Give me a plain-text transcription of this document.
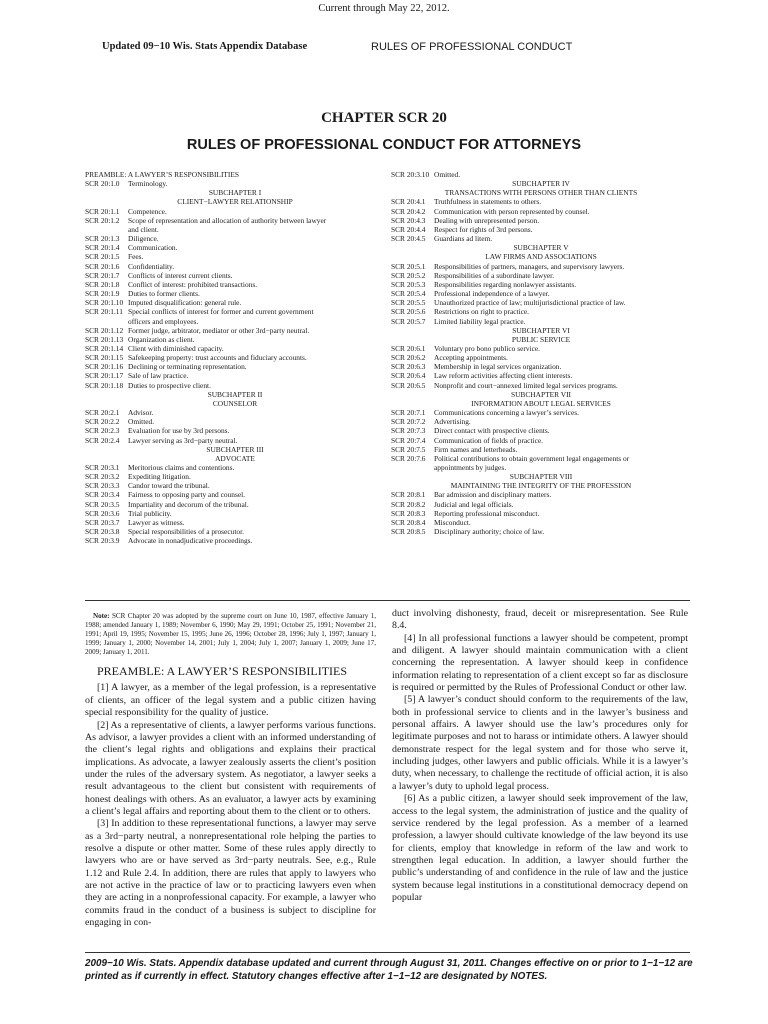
Current through May 22, 2012.
Updated 09−10 Wis. Stats Appendix Database	RULES OF PROFESSIONAL CONDUCT
CHAPTER SCR 20
RULES OF PROFESSIONAL CONDUCT FOR ATTORNEYS
PREAMBLE: A LAWYER’S RESPONSIBILITIES
SCR 20:1.0	Terminology.
SUBCHAPTER I
CLIENT−LAWYER RELATIONSHIP
SCR 20:1.1	Competence.
SCR 20:1.2	Scope of representation and allocation of authority between lawyer
and client.
SCR 20:1.3	Diligence.
SCR 20:1.4	Communication.
SCR 20:1.5	Fees.
SCR 20:1.6	Confidentiality.
SCR 20:1.7	Conflicts of interest current clients.
SCR 20:1.8	Conflict of interest: prohibited transactions.
SCR 20:1.9	Duties to former clients.
SCR 20:1.10 Imputed disqualification: general rule.
SCR 20:1.11 Special conflicts of interest for former and current government
officers and employees.
SCR 20:1.12 Former judge, arbitrator, mediator or other 3rd−party neutral.
SCR 20:1.13 Organization as client.
SCR 20:1.14 Client with diminished capacity.
SCR 20:1.15 Safekeeping property: trust accounts and fiduciary accounts.
SCR 20:1.16 Declining or terminating representation.
SCR 20:1.17 Sale of law practice.
SCR 20:1.18 Duties to prospective client.
SUBCHAPTER II
COUNSELOR
SCR 20:2.1	Advisor.
SCR 20:2.2	Omitted.
SCR 20:2.3	Evaluation for use by 3rd persons.
SCR 20:2.4	Lawyer serving as 3rd−party neutral.
SUBCHAPTER III
ADVOCATE
SCR 20:3.1	Meritorious claims and contentions.
SCR 20:3.2	Expediting litigation.
SCR 20:3.3	Candor toward the tribunal.
SCR 20:3.4	Fairness to opposing party and counsel.
SCR 20:3.5	Impartiality and decorum of the tribunal.
SCR 20:3.6	Trial publicity.
SCR 20:3.7	Lawyer as witness.
SCR 20:3.8	Special responsibilities of a prosecutor.
SCR 20:3.9	Advocate in nonadjudicative proceedings.
SCR 20:3.10 Omitted.
SUBCHAPTER IV
TRANSACTIONS WITH PERSONS OTHER THAN CLIENTS
SCR 20:4.1	Truthfulness in statements to others.
SCR 20:4.2	Communication with person represented by counsel.
SCR 20:4.3	Dealing with unrepresented person.
SCR 20:4.4	Respect for rights of 3rd persons.
SCR 20:4.5	Guardians ad litem.
SUBCHAPTER V
LAW FIRMS AND ASSOCIATIONS
SCR 20:5.1	Responsibilities of partners, managers, and supervisory lawyers.
SCR 20:5.2	Responsibilities of a subordinate lawyer.
SCR 20:5.3	Responsibilities regarding nonlawyer assistants.
SCR 20:5.4	Professional independence of a lawyer.
SCR 20:5.5	Unauthorized practice of law; multijurisdictional practice of law.
SCR 20:5.6	Restrictions on right to practice.
SCR 20:5.7	Limited liability legal practice.
SUBCHAPTER VI
PUBLIC SERVICE
SCR 20:6.1	Voluntary pro bono publico service.
SCR 20:6.2	Accepting appointments.
SCR 20:6.3	Membership in legal services organization.
SCR 20:6.4	Law reform activities affecting client interests.
SCR 20:6.5	Nonprofit and court−annexed limited legal services programs.
SUBCHAPTER VII
INFORMATION ABOUT LEGAL SERVICES
SCR 20:7.1	Communications concerning a lawyer’s services.
SCR 20:7.2	Advertising.
SCR 20:7.3	Direct contact with prospective clients.
SCR 20:7.4	Communication of fields of practice.
SCR 20:7.5	Firm names and letterheads.
SCR 20:7.6	Political contributions to obtain government legal engagements or
appointments by judges.
SUBCHAPTER VIII
MAINTAINING THE INTEGRITY OF THE PROFESSION
SCR 20:8.1	Bar admission and disciplinary matters.
SCR 20:8.2	Judicial and legal officials.
SCR 20:8.3	Reporting professional misconduct.
SCR 20:8.4	Misconduct.
SCR 20:8.5	Disciplinary authority; choice of law.

Note: SCR Chapter 20 was adopted by the supreme court on June 10, 1987, effective January 1, 1988; amended January 1, 1989; November 6, 1990; May 29, 1991; October 25, 1991; November 21, 1991; April 19, 1995; November 15, 1995; June 26, 1996; October 28, 1996; July 1, 1997; January 1, 1999; January 1, 2000; November 14, 2001; July 1, 2004; July 1, 2007; January 1, 2009; June 17, 2009; January 1, 2011.

PREAMBLE: A LAWYER’S RESPONSIBILITIES

[1] A lawyer, as a member of the legal profession, is a representative of clients, an officer of the legal system and a public citizen having special responsibility for the quality of justice.

[2] As a representative of clients, a lawyer performs various functions. As advisor, a lawyer provides a client with an informed understanding of the client’s legal rights and obligations and explains their practical implications. As advocate, a lawyer zealously asserts the client’s position under the rules of the adversary system. As negotiator, a lawyer seeks a result advantageous to the client but consistent with requirements of honest dealings with others. As an evaluator, a lawyer acts by examining a client’s legal affairs and reporting about them to the client or to others.

[3] In addition to these representational functions, a lawyer may serve as a 3rd−party neutral, a nonrepresentational role helping the parties to resolve a dispute or other matter. Some of these rules apply directly to lawyers who are or have served as 3rd−party neutrals. See, e.g., Rule 1.12 and Rule 2.4. In addition, there are rules that apply to lawyers who are not active in the practice of law or to practicing lawyers even when they are acting in a nonprofessional capacity. For example, a lawyer who commits fraud in the conduct of a business is subject to discipline for engaging in con-

duct involving dishonesty, fraud, deceit or misrepresentation. See Rule 8.4.

[4] In all professional functions a lawyer should be competent, prompt and diligent. A lawyer should maintain communication with a client concerning the representation. A lawyer should keep in confidence information relating to representation of a client except so far as disclosure is required or permitted by the Rules of Professional Conduct or other law.

[5] A lawyer’s conduct should conform to the requirements of the law, both in professional service to clients and in the lawyer’s business and personal affairs. A lawyer should use the law’s procedures only for legitimate purposes and not to harass or intimidate others. A lawyer should demonstrate respect for the legal system and for those who serve it, including judges, other lawyers and public officials. While it is a lawyer’s duty, when necessary, to challenge the rectitude of official action, it is also a lawyer’s duty to uphold legal process.

[6] As a public citizen, a lawyer should seek improvement of the law, access to the legal system, the administration of justice and the quality of service rendered by the legal profession. As a member of a learned profession, a lawyer should cultivate knowledge of the law beyond its use for clients, employ that knowledge in reform of the law and work to strengthen legal education. In addition, a lawyer should further the public’s understanding of and confidence in the rule of law and the justice system because legal institutions in a constitutional democracy depend on popular

2009−10 Wis. Stats. Appendix database updated and current through August 31, 2011. Changes effective on or prior to 1−1−12 are printed as if currently in effect. Statutory changes effective after 1−1−12 are designated by NOTES.
